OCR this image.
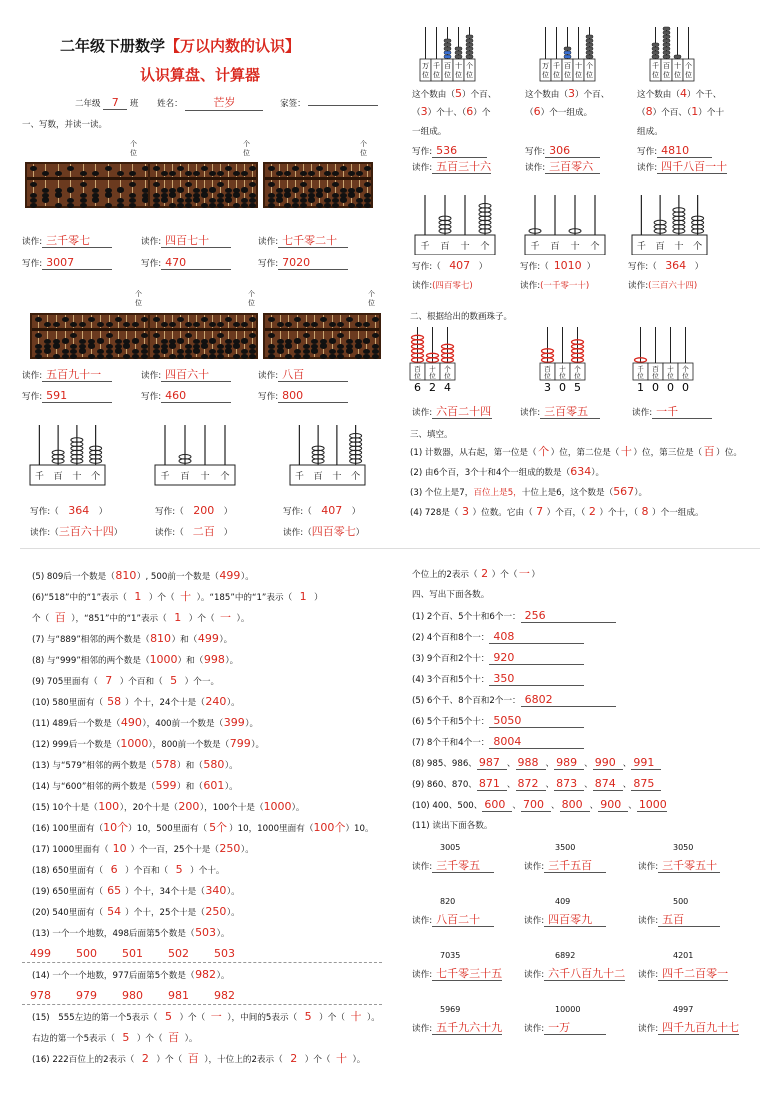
二年级下册数学【万以内数的认识】
认识算盘、计算器
二年级 7 班 姓名：	芒岁	家签：
一、写数，并读一读。
读作: 三千零七
写作: 3007
读作: 四百七十
写作: 470
读作: 七千零二十
写作: 7020
读作: 五百九十一
写作: 591
读作: 四百六十
写作: 460
读作: 八百
写作: 800
千 百 十 个	千 百 十 个	千 百 十 个
写作:（ 364 ）
读作:（三百六十四）
写作:（ 200 ）
读作:（ 二百 ）
写作:（ 407 ）
读作:（四百零七）
万
位
千
位
百
位
十
位
个
位
万
位
千
位
百
位
十
位
个
位
千
位
百
位
十
位
个
位
这个数由（5）个百、
（3）个十、（6）个
一组成。
写作: 536
读作: 五百三十六
这个数由（3）个百、
（6）个一组成。
写作: 306
读作: 三百零六
这个数由（4）个千、
（8）个百、（1）个十
组成。
写作: 4810
读作: 四千八百一十
千 百 十 个	千 百 十 个	千 百 十 个
写作:（ 407 ）
读作:(四百零七)
写作:（ 1010 ）
读作:(一千零一十)
写作:（ 364 ）
读作:(三百六十四)
二、根据给出的数画珠子。
百
位
6
十
位
2
个
位
4
百
位
3
十
位
0
个
位
5
千
位
1
百
位
0
十
位
0
个
位
0
读作: 六百二十四	读作: 三百零五	读作: 一千
三、填空。
(1) 计数器，从右起，第一位是（ 个 ）位，第二位是（ 十 ）位，第三位是（ 百 ）位。
(2) 由6个百，3个十和4个一组成的数是（634）。
(3) 个位上是7，百位上是5，十位上是6，这个数是（567）。
(4) 728是（ 3 ）位数。它由（ 7 ）个百，（ 2 ）个十，（ 8 ）个一组成。
(5) 809后一个数是（810）, 500前一个数是（499）。
(6)“518”中的“1”表示（ 1 ）个（ 十 ）。“185”中的“1”表示（ 1 ）
个（ 百 ），“851”中的“1”表示（ 1 ）个（ 一 ）。
(7) 与“889”相邻的两个数是（810）和（499）。
(8) 与“999”相邻的两个数是（1000）和（998）。
(9) 705里面有（ 7 ）个百和（ 5 ）个一。
(10) 580里面有（ 58 ）个十，24个十是（240）。
(11) 489后一个数是（490），400前一个数是（399）。
(12) 999后一个数是（1000），800前一个数是（799）。
(13) 与“579”相邻的两个数是（578）和（580）。
(14) 与“600”相邻的两个数是（599）和（601）。
(15) 10个十是（100），20个十是（200），100个十是（1000）。
(16) 100里面有（10个）10，500里面有（ 5个 ）10，1000里面有（100个）10。
(17) 1000里面有（ 10 ）个一百，25个十是（250）。
(18) 650里面有（ 6 ）个百和（ 5 ）个十。
(19) 650里面有（ 65 ）个十，34个十是（340）。
(20) 540里面有（ 54 ）个十，25个十是（250）。
(13) 一个一个地数，498后面第5个数是（503）。
499 500 501 502 503
(14) 一个一个地数，977后面第5个数是（982）。
978 979 980 981 982
(15)　555左边的第一个5表示（ 5 ）个（ 一 ），中间的5表示（ 5 ）个（ 十 ）。
右边的第一个5表示（ 5 ）个（ 百 ）。
(16) 222百位上的2表示（ 2 ）个（ 百 ），十位上的2表示（ 2 ）个（ 十 ）。
个位上的2表示（ 2 ）个（ 一 ）
四、写出下面各数。
(1) 2个百、5个十和6个一： 256
(2) 4个百和8个一： 408
(3) 9个百和2个十： 920
(4) 3个百和5个十： 350
(5) 6个千、8个百和2个一： 6802
(6) 5个千和5个十： 5050
(7) 8个千和4个一： 8004
(8) 985、986、 987 、 988 、 989 、 990 、 991
(9) 860、870、 871 、 872 、 873 、 874 、 875
(10) 400、500、 600 、 700 、 800 、 900 、 1000
(11) 读出下面各数。
3005
读作: 三千零五
3500
读作: 三千五百
3050
读作: 三千零五十
820
读作: 八百二十
409
读作: 四百零九
500
读作: 五百
7035
读作: 七千零三十五
6892
读作: 六千八百九十二
4201
读作: 四千二百零一
5969
读作: 五千九六十九
10000
读作: 一万
4997
读作: 四千九百九十七
个
位
个
位
个
位
个
位
个
位
个
位
